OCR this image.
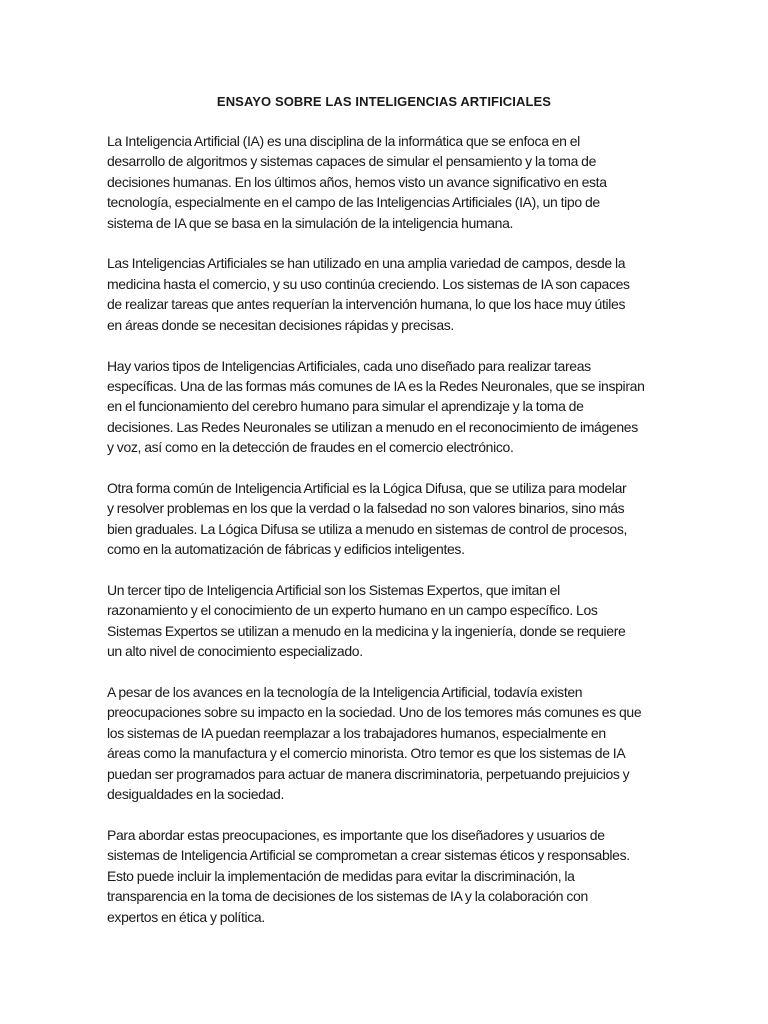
ENSAYO SOBRE LAS INTELIGENCIAS ARTIFICIALES

La Inteligencia Artificial (IA) es una disciplina de la informática que se enfoca en el
desarrollo de algoritmos y sistemas capaces de simular el pensamiento y la toma de
decisiones humanas. En los últimos años, hemos visto un avance significativo en esta
tecnología, especialmente en el campo de las Inteligencias Artificiales (IA), un tipo de
sistema de IA que se basa en la simulación de la inteligencia humana.

Las Inteligencias Artificiales se han utilizado en una amplia variedad de campos, desde la
medicina hasta el comercio, y su uso continúa creciendo. Los sistemas de IA son capaces
de realizar tareas que antes requerían la intervención humana, lo que los hace muy útiles
en áreas donde se necesitan decisiones rápidas y precisas.

Hay varios tipos de Inteligencias Artificiales, cada uno diseñado para realizar tareas
específicas. Una de las formas más comunes de IA es la Redes Neuronales, que se inspiran
en el funcionamiento del cerebro humano para simular el aprendizaje y la toma de
decisiones. Las Redes Neuronales se utilizan a menudo en el reconocimiento de imágenes
y voz, así como en la detección de fraudes en el comercio electrónico.

Otra forma común de Inteligencia Artificial es la Lógica Difusa, que se utiliza para modelar
y resolver problemas en los que la verdad o la falsedad no son valores binarios, sino más
bien graduales. La Lógica Difusa se utiliza a menudo en sistemas de control de procesos,
como en la automatización de fábricas y edificios inteligentes.

Un tercer tipo de Inteligencia Artificial son los Sistemas Expertos, que imitan el
razonamiento y el conocimiento de un experto humano en un campo específico. Los
Sistemas Expertos se utilizan a menudo en la medicina y la ingeniería, donde se requiere
un alto nivel de conocimiento especializado.

A pesar de los avances en la tecnología de la Inteligencia Artificial, todavía existen
preocupaciones sobre su impacto en la sociedad. Uno de los temores más comunes es que
los sistemas de IA puedan reemplazar a los trabajadores humanos, especialmente en
áreas como la manufactura y el comercio minorista. Otro temor es que los sistemas de IA
puedan ser programados para actuar de manera discriminatoria, perpetuando prejuicios y
desigualdades en la sociedad.

Para abordar estas preocupaciones, es importante que los diseñadores y usuarios de
sistemas de Inteligencia Artificial se comprometan a crear sistemas éticos y responsables.
Esto puede incluir la implementación de medidas para evitar la discriminación, la
transparencia en la toma de decisiones de los sistemas de IA y la colaboración con
expertos en ética y política.
